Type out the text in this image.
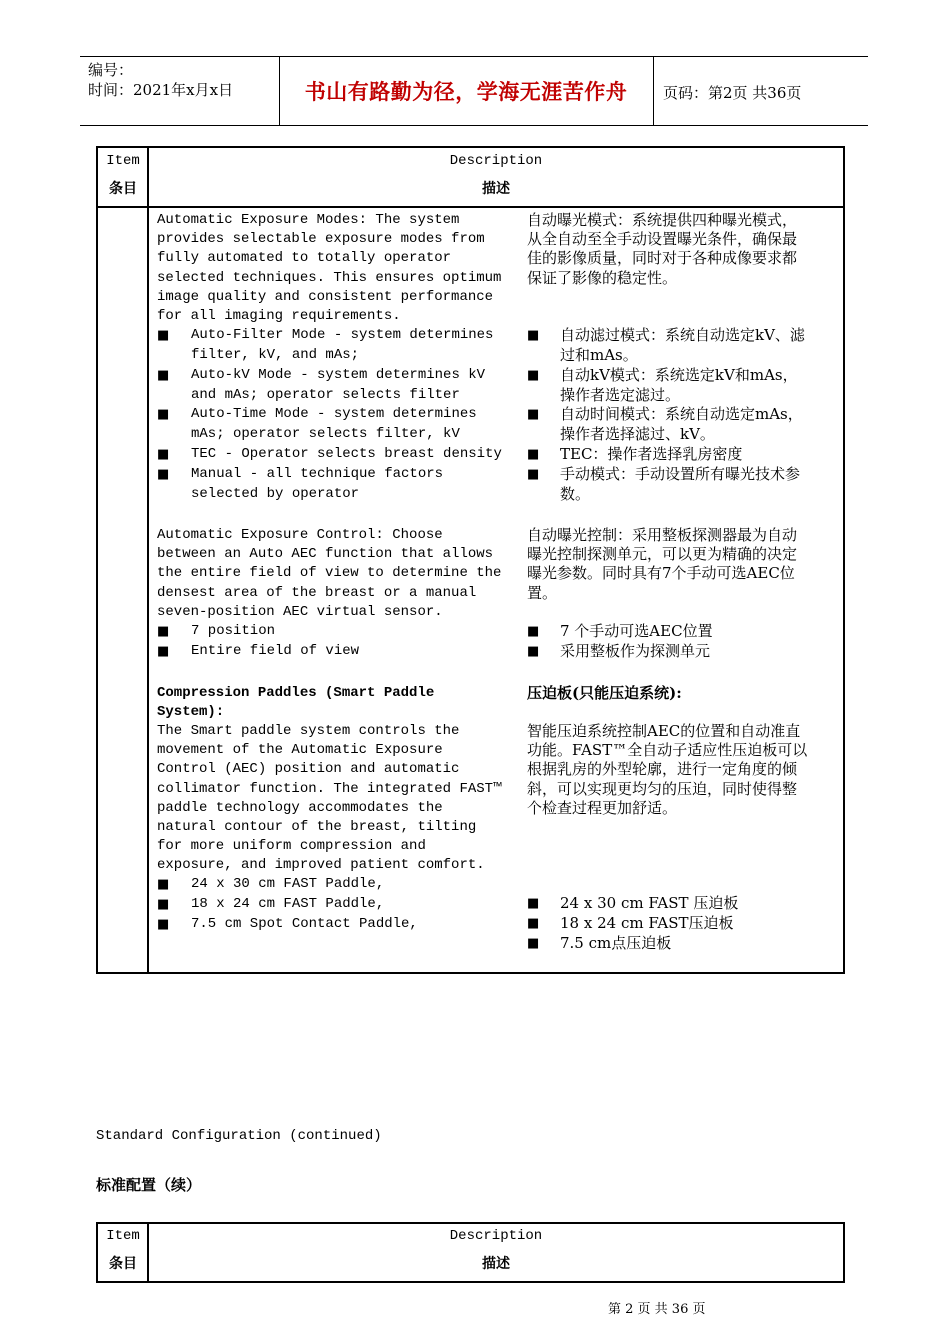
编号：
时间：2021年x月x日	书山有路勤为径，学海无涯苦作舟	页码：第2页 共36页
Item
条目
Description
描述
Automatic Exposure Modes: The system
provides selectable exposure modes from
fully automated to totally operator
selected techniques. This ensures optimum
image quality and consistent performance
for all imaging requirements.
自动曝光模式：系统提供四种曝光模式，
从全自动至全手动设置曝光条件，确保最
佳的影像质量，同时对于各种成像要求都
保证了影像的稳定性。
■ Auto-Filter Mode - system determines
filter, kV, and mAs;
■ Auto-kV Mode - system determines kV
and mAs; operator selects filter
■ Auto-Time Mode - system determines
mAs; operator selects filter, kV
■ TEC - Operator selects breast density
■ Manual - all technique factors
selected by operator
■ 自动滤过模式：系统自动选定kV、滤
过和mAs。
■ 自动kV模式：系统选定kV和mAs，
操作者选定滤过。
■ 自动时间模式：系统自动选定mAs，
操作者选择滤过、kV。
■ TEC：操作者选择乳房密度
■ 手动模式：手动设置所有曝光技术参
数。
Automatic Exposure Control: Choose
between an Auto AEC function that allows
the entire field of view to determine the
densest area of the breast or a manual
seven-position AEC virtual sensor.
自动曝光控制：采用整板探测器最为自动
曝光控制探测单元，可以更为精确的决定
曝光参数。同时具有7个手动可选AEC位
置。
■ 7 position
■ Entire field of view
■ 7 个手动可选AEC位置
■ 采用整板作为探测单元
Compression Paddles (Smart Paddle
System):
压迫板(只能压迫系统):
The Smart paddle system controls the
movement of the Automatic Exposure
Control (AEC) position and automatic
collimator function. The integrated FAST™
paddle technology accommodates the
natural contour of the breast, tilting
for more uniform compression and
exposure, and improved patient comfort.
智能压迫系统控制AEC的位置和自动准直
功能。FAST™全自动子适应性压迫板可以
根据乳房的外型轮廓，进行一定角度的倾
斜，可以实现更均匀的压迫，同时使得整
个检查过程更加舒适。
■ 24 x 30 cm FAST Paddle,
■ 18 x 24 cm FAST Paddle,
■ 7.5 cm Spot Contact Paddle,
■ 24 x 30 cm FAST 压迫板
■ 18 x 24 cm FAST压迫板
■ 7.5 cm点压迫板
Standard Configuration (continued)
标准配置（续）
Item
条目
Description
描述
第 2 页 共 36 页
